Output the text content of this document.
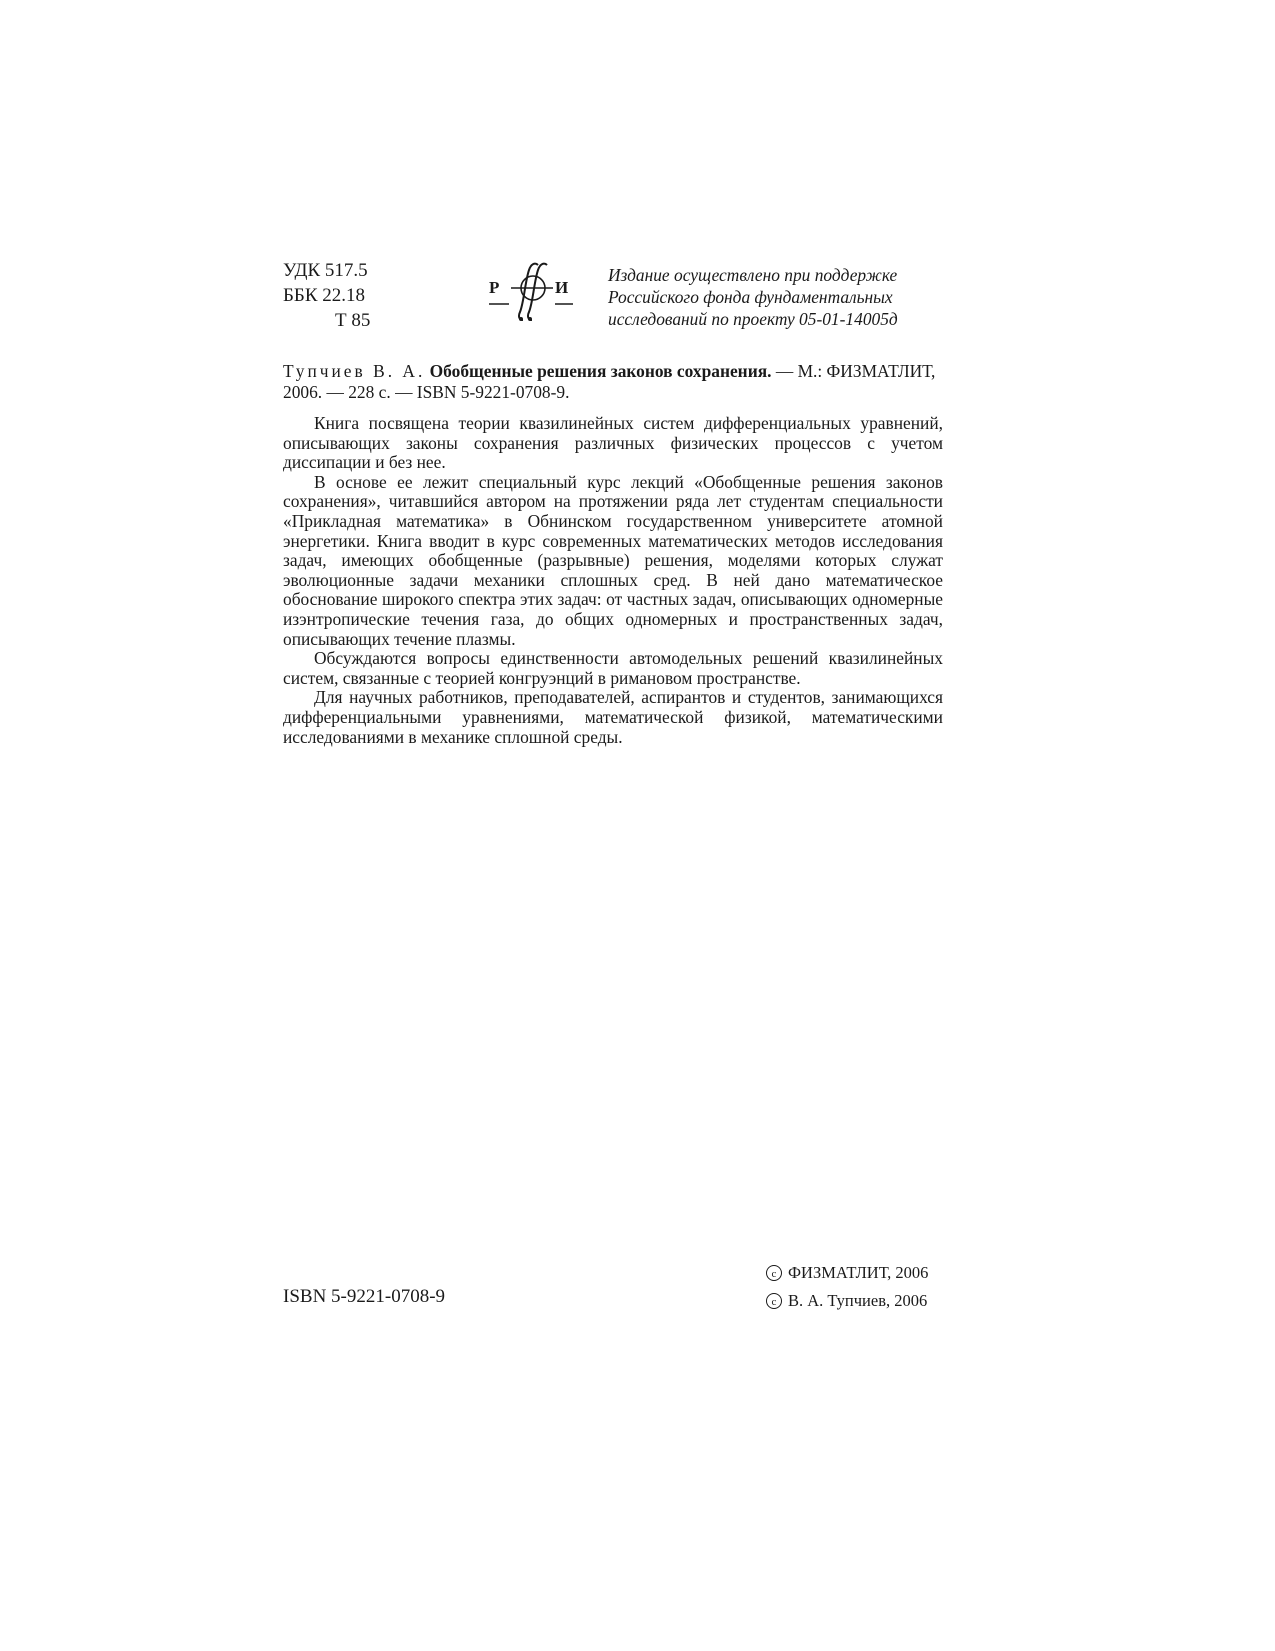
УДК 517.5
ББК 22.18
Т 85
Р	И
Издание осуществлено при поддержке
Российского фонда фундаментальных
исследований по проекту 05-01-14005д
Тупчиев В. А. Обобщенные решения законов сохранения. — М.: ФИЗМАТЛИТ, 2006. — 228 с. — ISBN 5-9221-0708-9.

Книга посвящена теории квазилинейных систем дифференциальных уравнений, описывающих законы сохранения различных физических процессов с учетом диссипации и без нее.

В основе ее лежит специальный курс лекций «Обобщенные решения законов сохранения», читавшийся автором на протяжении ряда лет студентам специальности «Прикладная математика» в Обнинском государственном университете атомной энергетики. Книга вводит в курс современных математических методов исследования задач, имеющих обобщенные (разрывные) решения, моделями которых служат эволюционные задачи механики сплошных сред. В ней дано математическое обоснование широкого спектра этих задач: от частных задач, описывающих одномерные изэнтропические течения газа, до общих одномерных и пространственных задач, описывающих течение плазмы.

Обсуждаются вопросы единственности автомодельных решений квазилинейных систем, связанные с теорией конгруэнций в римановом пространстве.

Для научных работников, преподавателей, аспирантов и студентов, занимающихся дифференциальными уравнениями, математической физикой, математическими исследованиями в механике сплошной среды.

ISBN 5-9221-0708-9
c ФИЗМАТЛИТ, 2006
c В. А. Тупчиев, 2006
